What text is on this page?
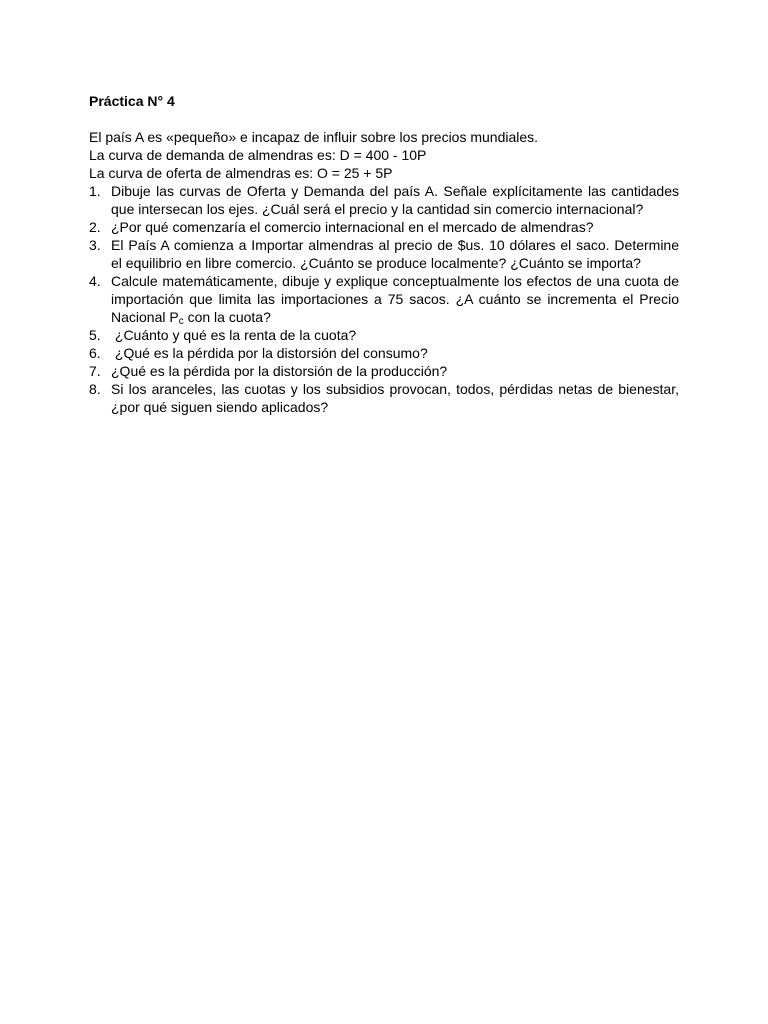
Práctica N° 4

El país A es «pequeño» e incapaz de influir sobre los precios mundiales.

La curva de demanda de almendras es: D = 400 - 10P

La curva de oferta de almendras es: O = 25 + 5P

1. Dibuje las curvas de Oferta y Demanda del país A. Señale explícitamente las cantidades que intersecan los ejes. ¿Cuál será el precio y la cantidad sin comercio internacional?
2. ¿Por qué comenzaría el comercio internacional en el mercado de almendras?
3. El País A comienza a Importar almendras al precio de $us. 10 dólares el saco. Determine el equilibrio en libre comercio. ¿Cuánto se produce localmente? ¿Cuánto se importa?
4. Calcule matemáticamente, dibuje y explique conceptualmente los efectos de una cuota de importación que limita las importaciones a 75 sacos. ¿A cuánto se incrementa el Precio Nacional $P_c$ con la cuota?
5. ¿Cuánto y qué es la renta de la cuota?
6. ¿Qué es la pérdida por la distorsión del consumo?
7. ¿Qué es la pérdida por la distorsión de la producción?
8. Si los aranceles, las cuotas y los subsidios provocan, todos, pérdidas netas de bienestar, ¿por qué siguen siendo aplicados?
